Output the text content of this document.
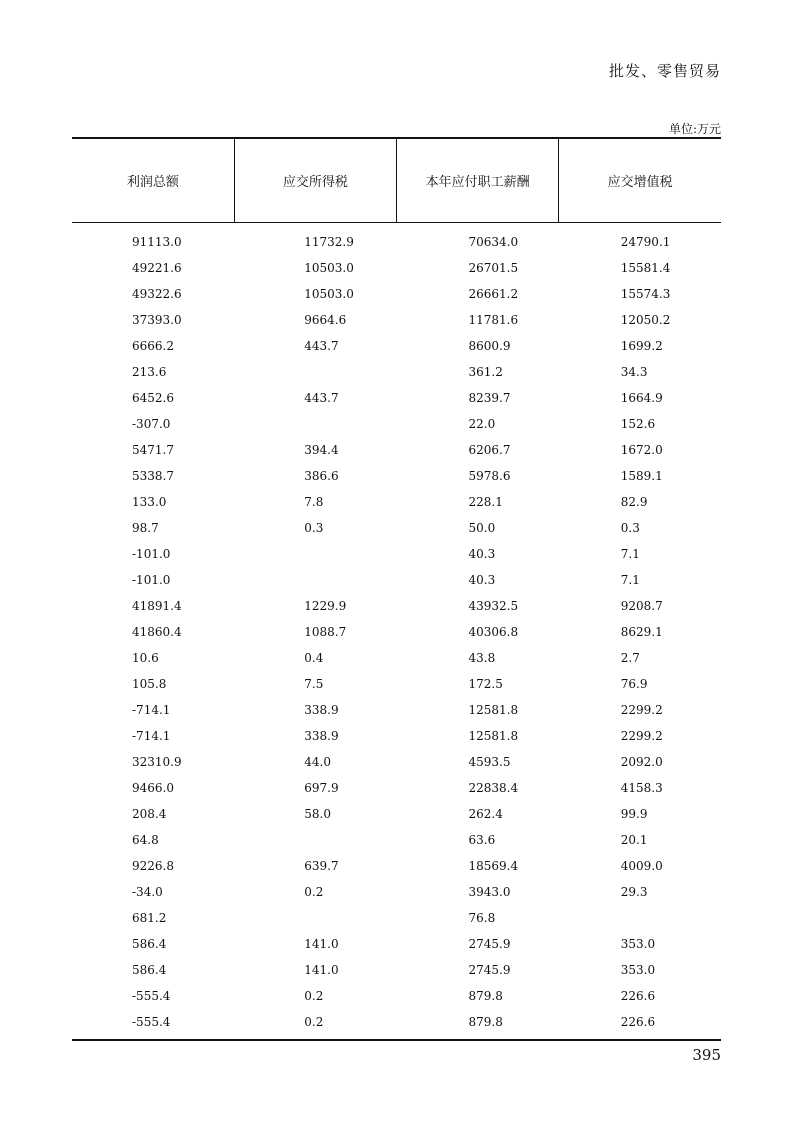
批发、零售贸易
单位:万元
利润总额	应交所得税	本年应付职工薪酬	应交增值税
91113.0	11732.9	70634.0	24790.1
49221.6	10503.0	26701.5	15581.4
49322.6	10503.0	26661.2	15574.3
37393.0	9664.6	11781.6	12050.2
6666.2	443.7	8600.9	1699.2
213.6		361.2	34.3
6452.6	443.7	8239.7	1664.9
-307.0		22.0	152.6
5471.7	394.4	6206.7	1672.0
5338.7	386.6	5978.6	1589.1
133.0	7.8	228.1	82.9
98.7	0.3	50.0	0.3
-101.0		40.3	7.1
-101.0		40.3	7.1
41891.4	1229.9	43932.5	9208.7
41860.4	1088.7	40306.8	8629.1
10.6	0.4	43.8	2.7
105.8	7.5	172.5	76.9
-714.1	338.9	12581.8	2299.2
-714.1	338.9	12581.8	2299.2
32310.9	44.0	4593.5	2092.0
9466.0	697.9	22838.4	4158.3
208.4	58.0	262.4	99.9
64.8		63.6	20.1
9226.8	639.7	18569.4	4009.0
-34.0	0.2	3943.0	29.3
681.2		76.8	
586.4	141.0	2745.9	353.0
586.4	141.0	2745.9	353.0
-555.4	0.2	879.8	226.6
-555.4	0.2	879.8	226.6
395
